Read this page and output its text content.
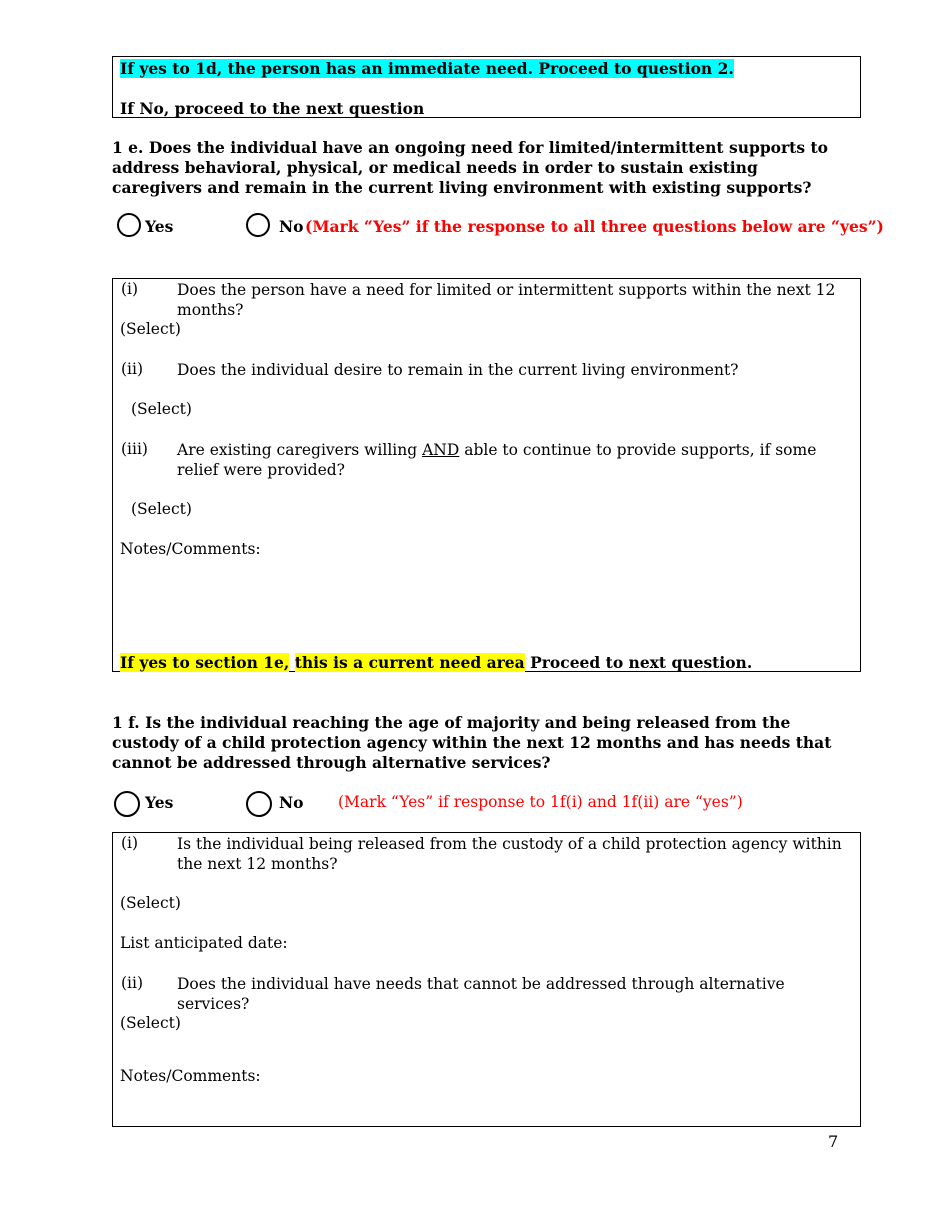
If yes to 1d, the person has an immediate need. Proceed to question 2.
If No, proceed to the next question
1 e. Does the individual have an ongoing need for limited/intermittent supports to address behavioral, physical, or medical needs in order to sustain existing caregivers and remain in the current living environment with existing supports?
Yes	No (Mark “Yes” if the response to all three questions below are “yes”)
(i)	Does the person have a need for limited or intermittent supports within the next 12 months?
(Select)
(ii) Does the individual desire to remain in the current living environment?
(Select)
(iii) Are existing caregivers willing AND able to continue to provide supports, if some relief were provided?
(Select)
Notes/Comments:
If yes to section 1e, this is a current need area Proceed to next question.
1 f. Is the individual reaching the age of majority and being released from the custody of a child protection agency within the next 12 months and has needs that cannot be addressed through alternative services?
Yes	No (Mark “Yes” if response to 1f(i) and 1f(ii) are “yes”)
(i)	Is the individual being released from the custody of a child protection agency within the next 12 months?
(Select)
List anticipated date:
(ii) Does the individual have needs that cannot be addressed through alternative services?
(Select)
Notes/Comments:
7
